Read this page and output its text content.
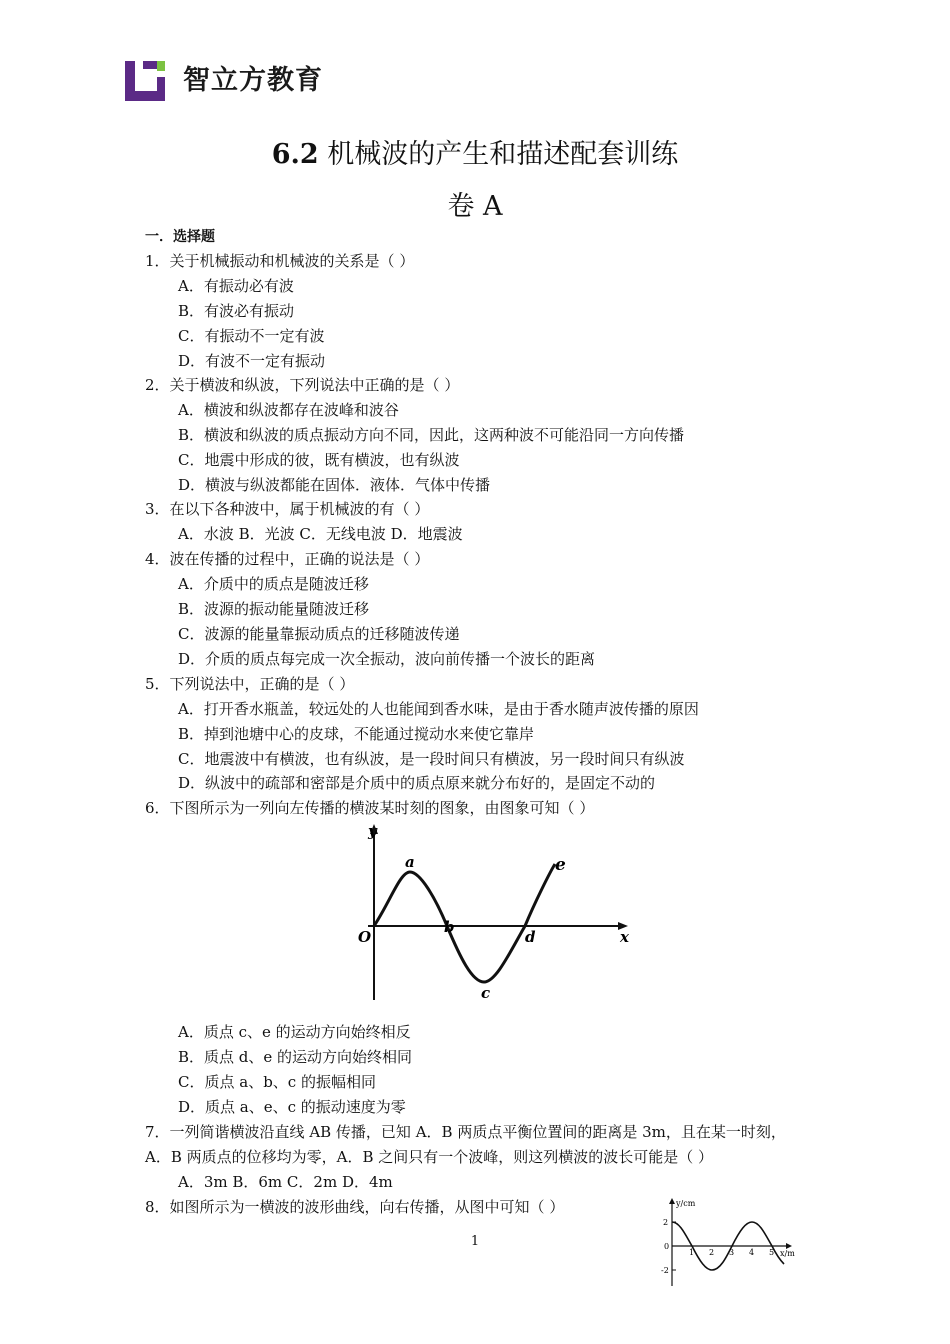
智立方教育
6.2 机械波的产生和描述配套训练
卷 A
一．选择题
1．关于机械振动和机械波的关系是（ ）
A．有振动必有波
B．有波必有振动
C．有振动不一定有波
D．有波不一定有振动
2．关于横波和纵波，下列说法中正确的是（ ）
A．横波和纵波都存在波峰和波谷
B．横波和纵波的质点振动方向不同，因此，这两种波不可能沿同一方向传播
C．地震中形成的彼，既有横波，也有纵波
D．横波与纵波都能在固体．液体．气体中传播
3．在以下各种波中，属于机械波的有（ ）
A．水波 B．光波 C．无线电波 D．地震波
4．波在传播的过程中，正确的说法是（ ）
A．介质中的质点是随波迁移
B．波源的振动能量随波迁移
C．波源的能量靠振动质点的迁移随波传递
D．介质的质点每完成一次全振动，波向前传播一个波长的距离
5．下列说法中，正确的是（ ）
A．打开香水瓶盖，较远处的人也能闻到香水味，是由于香水随声波传播的原因
B．掉到池塘中心的皮球，不能通过搅动水来使它靠岸
C．地震波中有横波，也有纵波，是一段时间只有横波，另一段时间只有纵波
D．纵波中的疏部和密部是介质中的质点原来就分布好的，是固定不动的
6．下图所示为一列向左传播的横波某时刻的图象，由图象可知（ ）
y
x
O
a
b
c
d
e
A．质点 c、e 的运动方向始终相反
B．质点 d、e 的运动方向始终相同
C．质点 a、b、c 的振幅相同
D．质点 a、e、c 的振动速度为零
7．一列简谐横波沿直线 AB 传播，已知 A．B 两质点平衡位置间的距离是 3m，且在某一时刻，
A．B 两质点的位移均为零，A．B 之间只有一个波峰，则这列横波的波长可能是（ ）
A．3m B．6m C．2m D．4m
8．如图所示为一横波的波形曲线，向右传播，从图中可知（ ）	y/cm
x/m
2
0
-2
1 2 3 4 5
1
